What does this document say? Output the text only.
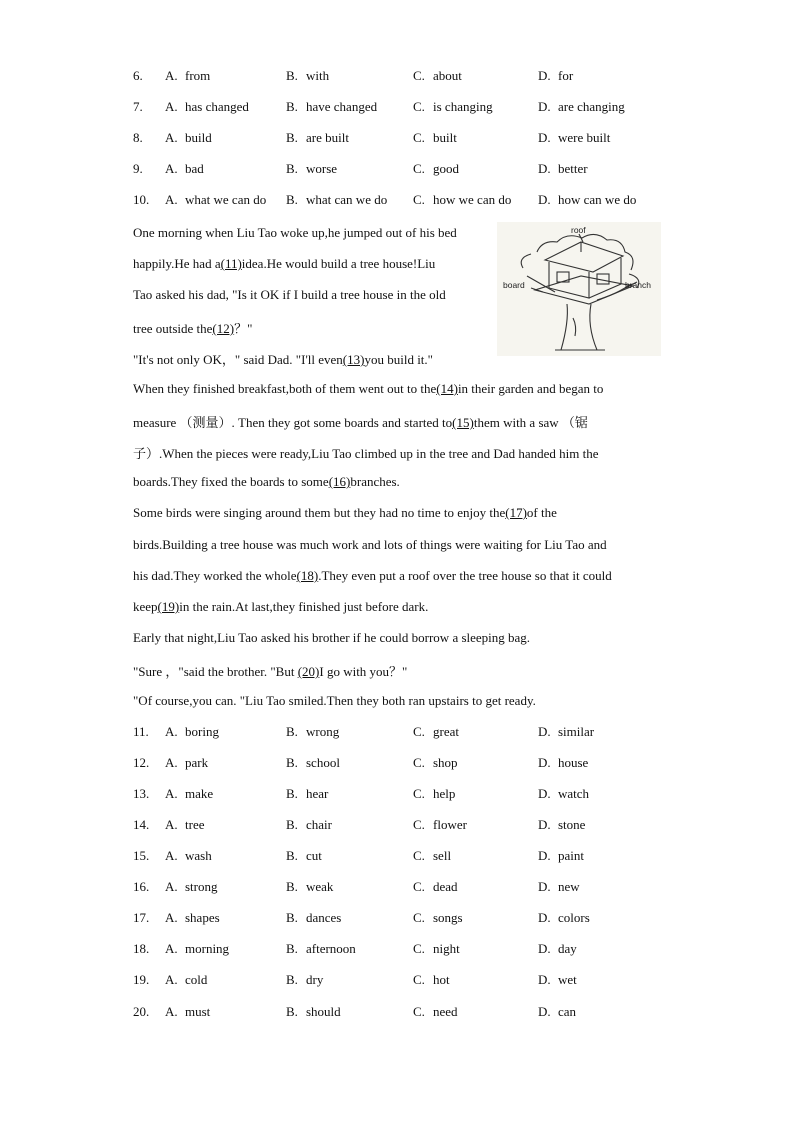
6. A. from	B. with	C. about	D. for
7. A. has changed	B. have changed	C. is changing	D. are changing
8. A. build	B. are built	C. built	D. were built
9. A. bad	B. worse	C. good	D. better
10. A. what we can do B. what can we do C. how we can do D. how can we do
roof
board	branch
One morning when Liu Tao woke up,he jumped out of his bed
happily.He had a(11)idea.He would build a tree house!Liu
Tao asked his dad, "Is it OK if I build a tree house in the old
tree outside the(12)？"
"It's not only OK，" said Dad. "I'll even(13)you build it."
When they finished breakfast,both of them went out to the(14)in their garden and began to
measure （测量）. Then they got some boards and started to(15)them with a saw （锯
子）.When the pieces were ready,Liu Tao climbed up in the tree and Dad handed him the
boards.They fixed the boards to some(16)branches.
Some birds were singing around them but they had no time to enjoy the(17)of the
birds.Building a tree house was much work and lots of things were waiting for Liu Tao and
his dad.They worked the whole(18).They even put a roof over the tree house so that it could
keep(19)in the rain.At last,they finished just before dark.
Early that night,Liu Tao asked his brother if he could borrow a sleeping bag.
"Sure ，"said the brother. "But (20)I go with you？"
"Of course,you can. "Liu Tao smiled.Then they both ran upstairs to get ready.
11. A. boring	B. wrong	C. great	D. similar
12. A. park	B. school	C. shop	D. house
13. A. make	B. hear	C. help	D. watch
14. A. tree	B. chair	C. flower	D. stone
15. A. wash	B. cut	C. sell	D. paint
16. A. strong	B. weak	C. dead	D. new
17. A. shapes	B. dances	C. songs	D. colors
18. A. morning	B. afternoon	C. night	D. day
19. A. cold	B. dry	C. hot	D. wet
20. A. must	B. should	C. need	D. can
